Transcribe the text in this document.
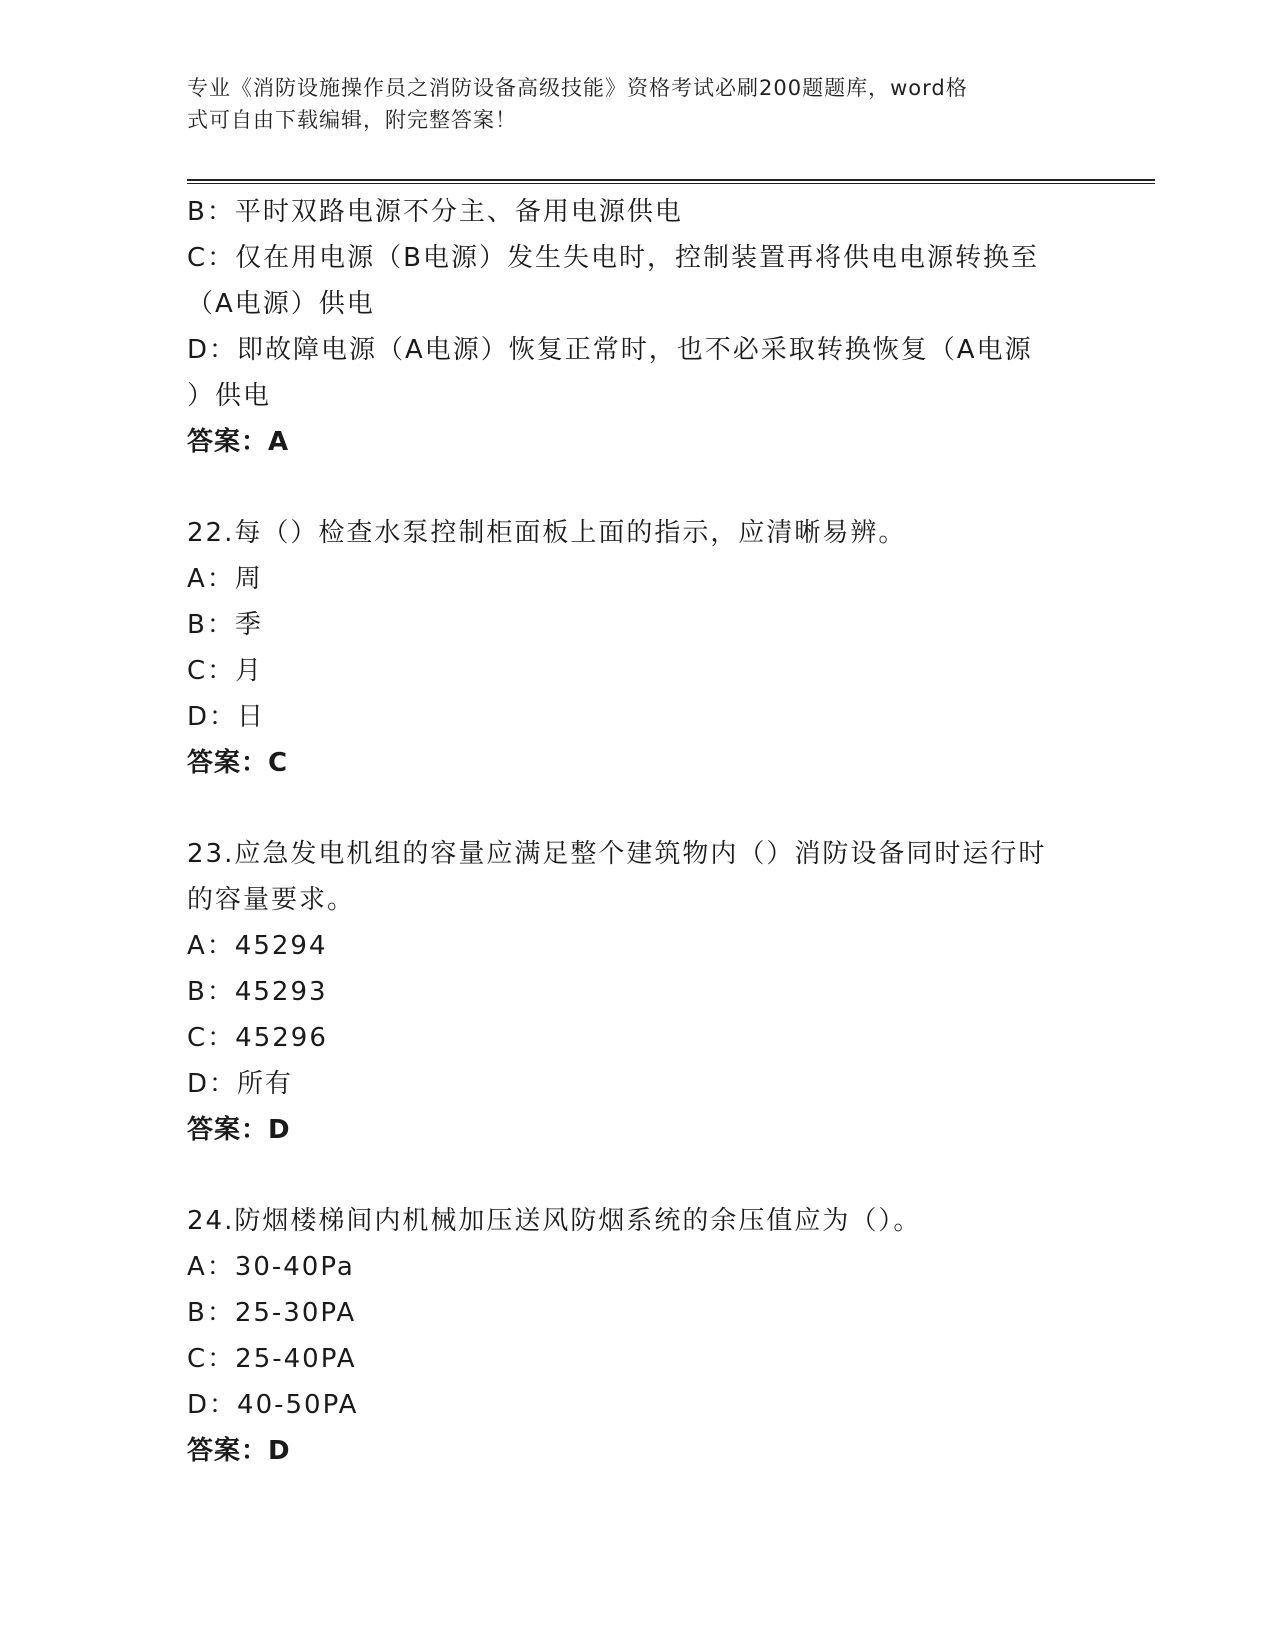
专业《消防设施操作员之消防设备高级技能》资格考试必刷200题题库，word格
式可自由下载编辑，附完整答案！
B：平时双路电源不分主、备用电源供电
C：仅在用电源（B电源）发生失电时，控制装置再将供电电源转换至
（A电源）供电
D：即故障电源（A电源）恢复正常时，也不必采取转换恢复（A电源
）供电
答案：A
22.每（）检查水泵控制柜面板上面的指示，应清晰易辨。
A：周
B：季
C：月
D：日
答案：C
23.应急发电机组的容量应满足整个建筑物内（）消防设备同时运行时
的容量要求。
A：45294
B：45293
C：45296
D：所有
答案：D
24.防烟楼梯间内机械加压送风防烟系统的余压值应为（）。
A：30-40Pa
B：25-30PA
C：25-40PA
D：40-50PA
答案：D
